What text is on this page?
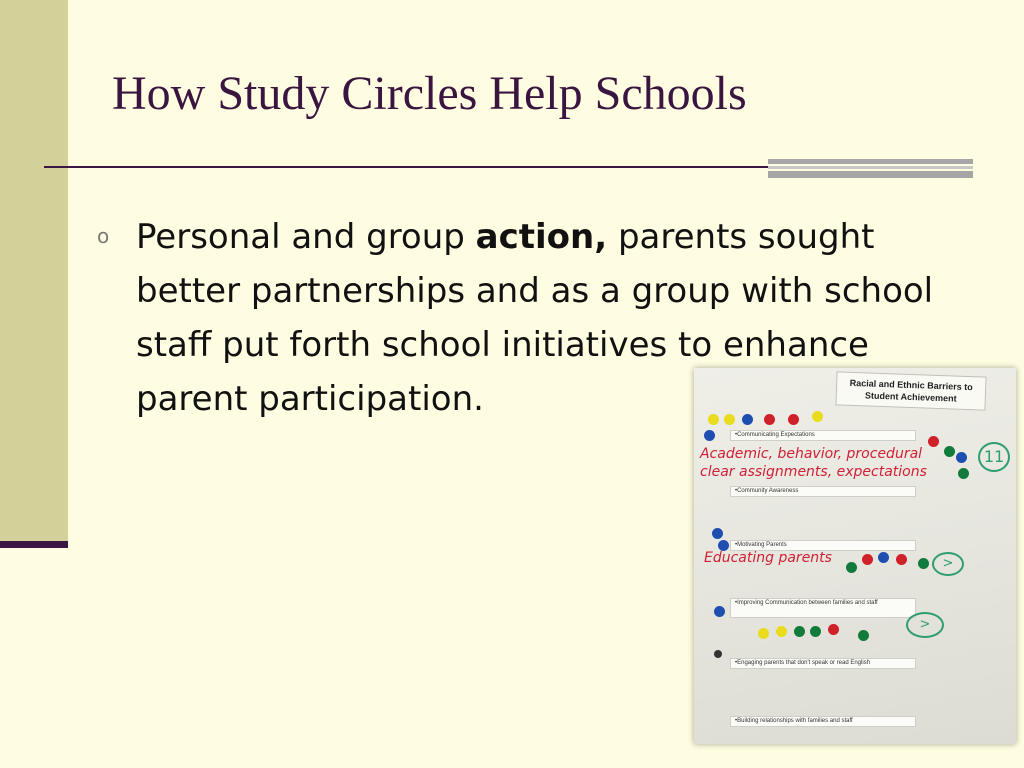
How Study Circles Help Schools
o Personal and group action, parents sought better partnerships and as a group with school staff put forth school initiatives to enhance parent participation.	Racial and Ethnic Barriers to Student Achievement
•Communicating Expectations
Academic, behavior, procedural
clear assignments, expectations
11
•Community Awareness
•Motivating Parents
Educating parents	>
•Improving Communication between families and staff
>
•Engaging parents that don't speak or read English
•Building relationships with families and staff
